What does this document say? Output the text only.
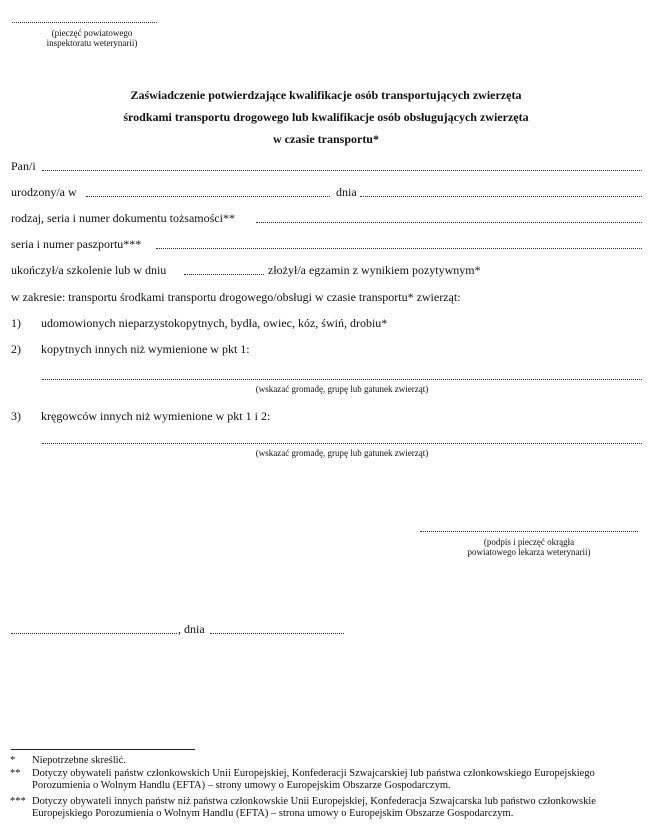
(pieczęć powiatowego
inspektoratu weterynarii)
Zaświadczenie potwierdzające kwalifikacje osób transportujących zwierzęta
środkami transportu drogowego lub kwalifikacje osób obsługujących zwierzęta
w czasie transportu*
Pan/i
urodzony/a w	dnia
rodzaj, seria i numer dokumentu tożsamości**
seria i numer paszportu***
ukończył/a szkolenie lub w dniu	złożył/a egzamin z wynikiem pozytywnym*
w zakresie: transportu środkami transportu drogowego/obsługi w czasie transportu* zwierząt:
1) udomowionych nieparzystokopytnych, bydła, owiec, kóz, świń, drobiu*
2) kopytnych innych niż wymienione w pkt 1:
(wskazać gromadę, grupę lub gatunek zwierząt)
3) kręgowców innych niż wymienione w pkt 1 i 2:
(wskazać gromadę, grupę lub gatunek zwierząt)
(podpis i pieczęć okrągła
powiatowego lekarza weterynarii)
, dnia
*	Niepotrzebne skreślić.
**	Dotyczy obywateli państw członkowskich Unii Europejskiej, Konfederacji Szwajcarskiej lub państwa członkowskiego Europejskiego Porozumienia o Wolnym Handlu (EFTA) – strony umowy o Europejskim Obszarze Gospodarczym.
*** Dotyczy obywateli innych państw niż państwa członkowskie Unii Europejskiej, Konfederacja Szwajcarska lub państwo członkowskie Europejskiego Porozumienia o Wolnym Handlu (EFTA) – strona umowy o Europejskim Obszarze Gospodarczym.
